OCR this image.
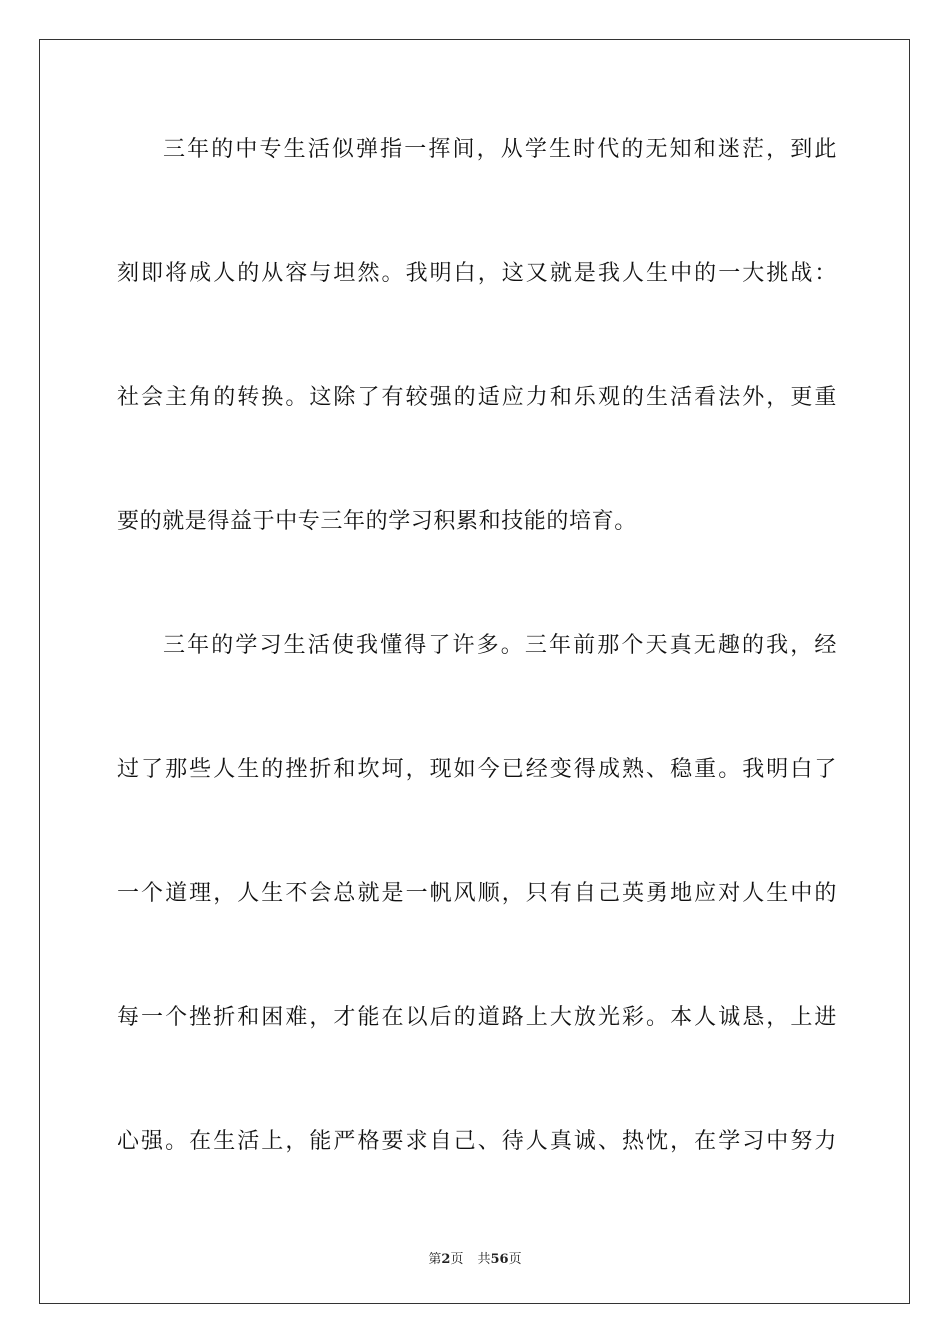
三年的中专生活似弹指一挥间，从学生时代的无知和迷茫，到此
刻即将成人的从容与坦然。我明白，这又就是我人生中的一大挑战：
社会主角的转换。这除了有较强的适应力和乐观的生活看法外，更重
要的就是得益于中专三年的学习积累和技能的培育。
三年的学习生活使我懂得了许多。三年前那个天真无趣的我，经
过了那些人生的挫折和坎坷，现如今已经变得成熟、稳重。我明白了
一个道理，人生不会总就是一帆风顺，只有自己英勇地应对人生中的
每一个挫折和困难，才能在以后的道路上大放光彩。本人诚恳，上进
心强。在生活上，能严格要求自己、待人真诚、热忱，在学习中努力
第2页 共56页
